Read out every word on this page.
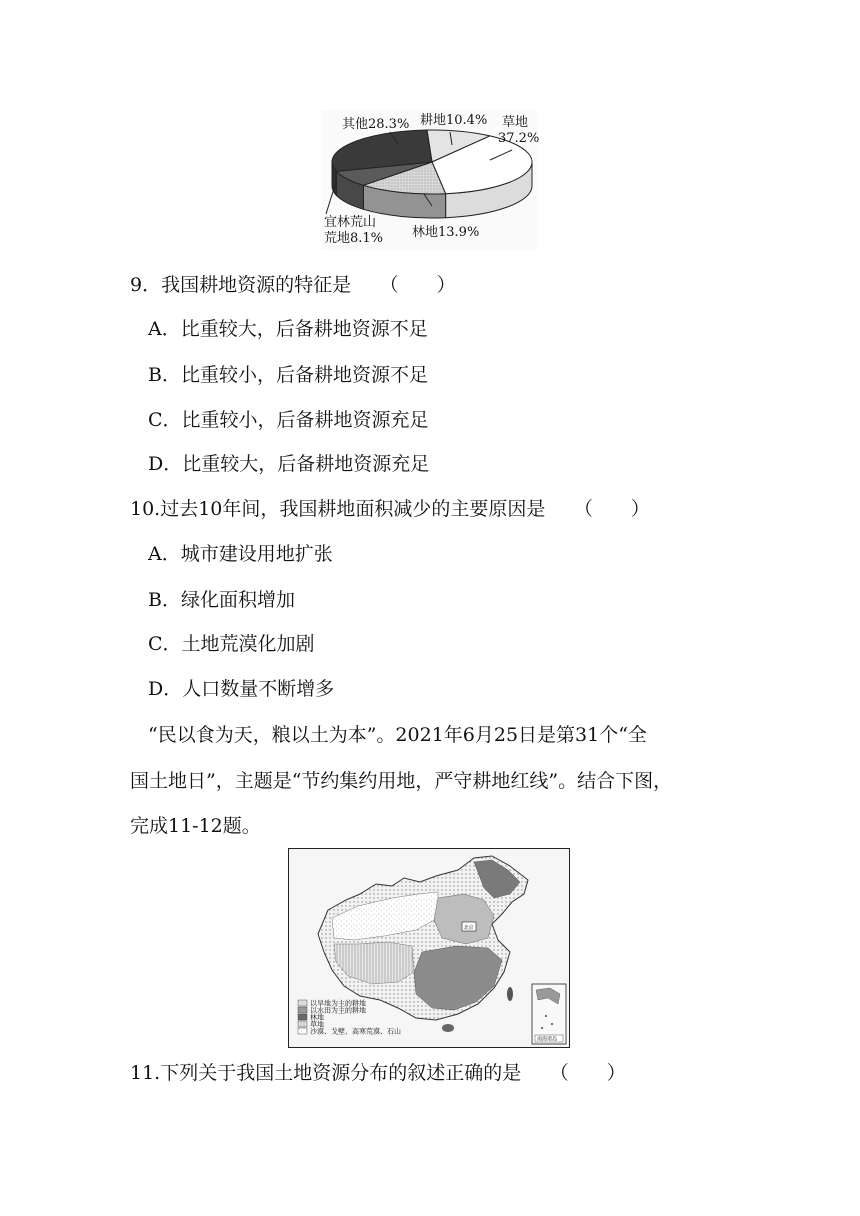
其他28.3% 耕地10.4% 草地
37.2%
宜林荒山
荒地8.1% 林地13.9%
9．我国耕地资源的特征是　　（　　）
A．比重较大，后备耕地资源不足
B．比重较小，后备耕地资源不足
C．比重较小，后备耕地资源充足
D．比重较大，后备耕地资源充足
10.过去10年间，我国耕地面积减少的主要原因是　　（　　）
A．城市建设用地扩张
B．绿化面积增加
C．土地荒漠化加剧
D．人口数量不断增多
“民以食为天，粮以土为本”。2021年6月25日是第31个“全
国土地日”，主题是“节约集约用地，严守耕地红线”。结合下图，
完成11-12题。
北京
以旱地为主的耕地
以水田为主的耕地
林地
草地
沙漠、戈壁、高寒荒漠、石山
南海诸岛
11.下列关于我国土地资源分布的叙述正确的是　　（　　）
